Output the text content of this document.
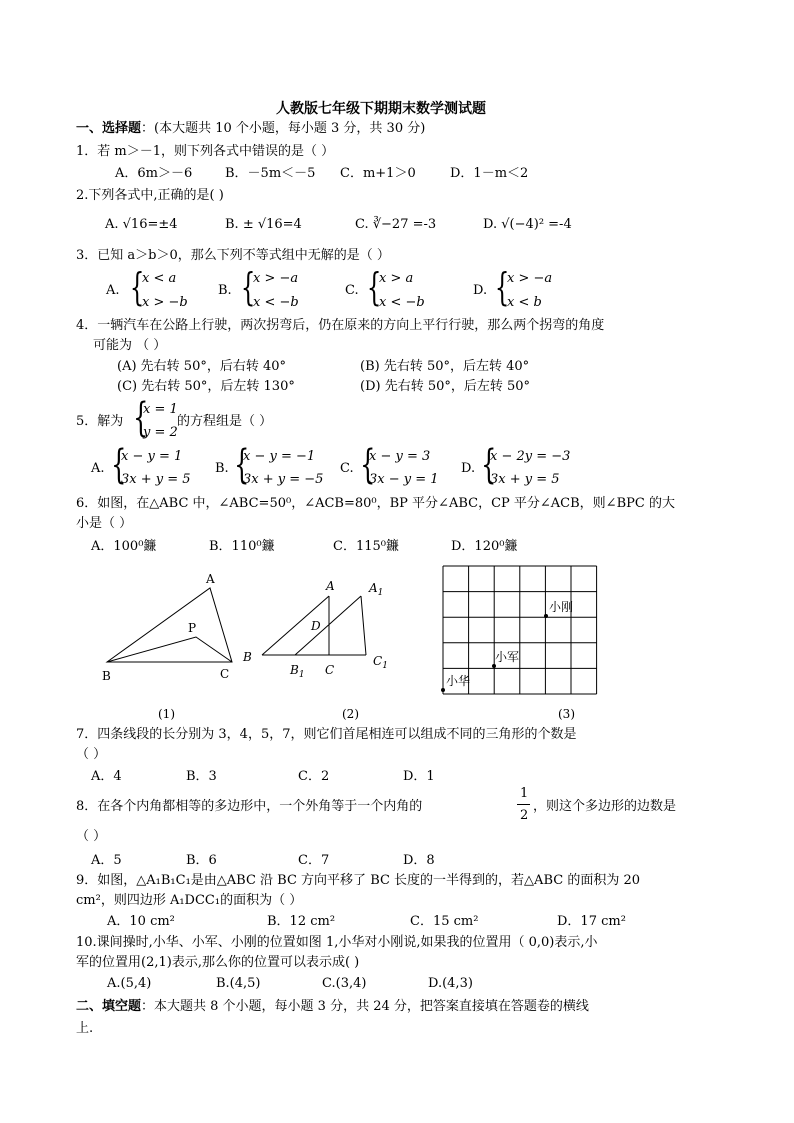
人教版七年级下期期末数学测试题
一、选择题：(本大题共 10 个小题，每小题 3 分，共 30 分)
1．若 m＞－1，则下列各式中错误的是（ ）
A．6m＞－6	B．－5m＜－5 C．m+1＞0	D．1－m＜2
2.下列各式中,正确的是( )
A. √16=±4	B. ± √16=4	C. ∛−27 =-3	D. √(−4)² =-4
3．已知 a＞b＞0，那么下列不等式组中无解的是（ ）
A. {
x < a
x > −b
B. {
x > −a
x < −b
C. {
x > a
x < −b
D. {
x > −a
x < b
4．一辆汽车在公路上行驶，两次拐弯后，仍在原来的方向上平行行驶，那么两个拐弯的角度
可能为 （ ）
(A) 先右转 50°，后右转 40°	(B) 先右转 50°，后左转 40°
(C) 先右转 50°，后左转 130°	(D) 先右转 50°，后左转 50°
5．解为 {
x = 1
y = 2
的方程组是（ ）
A. {
x − y = 1
3x + y = 5
B. {
x − y = −1
3x + y = −5
C. {
x − y = 3
3x − y = 1
D. {
x − 2y = −3
3x + y = 5
6．如图，在△ABC 中，∠ABC=50⁰，∠ACB=80⁰，BP 平分∠ABC，CP 平分∠ACB，则∠BPC 的大
小是（ ）
A．100⁰鐮	B．110⁰鐮	C．115⁰鐮	D．120⁰鐮
A
B	C
P
A	$A_1$
D
B
$B_1$ C
$C_1$
小刚
小军
小华
(1)	(2)	(3)
7．四条线段的长分别为 3，4，5，7，则它们首尾相连可以组成不同的三角形的个数是
（ ）
A．4	B．3	C．2	D．1
8．在各个内角都相等的多边形中，一个外角等于一个内角的
1
2
，则这个多边形的边数是
（ ）
A．5	B．6	C．7	D．8
9．如图，△A₁B₁C₁是由△ABC 沿 BC 方向平移了 BC 长度的一半得到的，若△ABC 的面积为 20
cm²，则四边形 A₁DCC₁的面积为（ ）
A．10 cm²	B．12 cm²	C．15 cm²	D．17 cm²
10.课间操时,小华、小军、小刚的位置如图 1,小华对小刚说,如果我的位置用（ 0,0)表示,小
军的位置用(2,1)表示,那么你的位置可以表示成( )
A.(5,4)	B.(4,5)	C.(3,4)	D.(4,3)
二、填空题：本大题共 8 个小题，每小题 3 分，共 24 分，把答案直接填在答题卷的横线
上.
